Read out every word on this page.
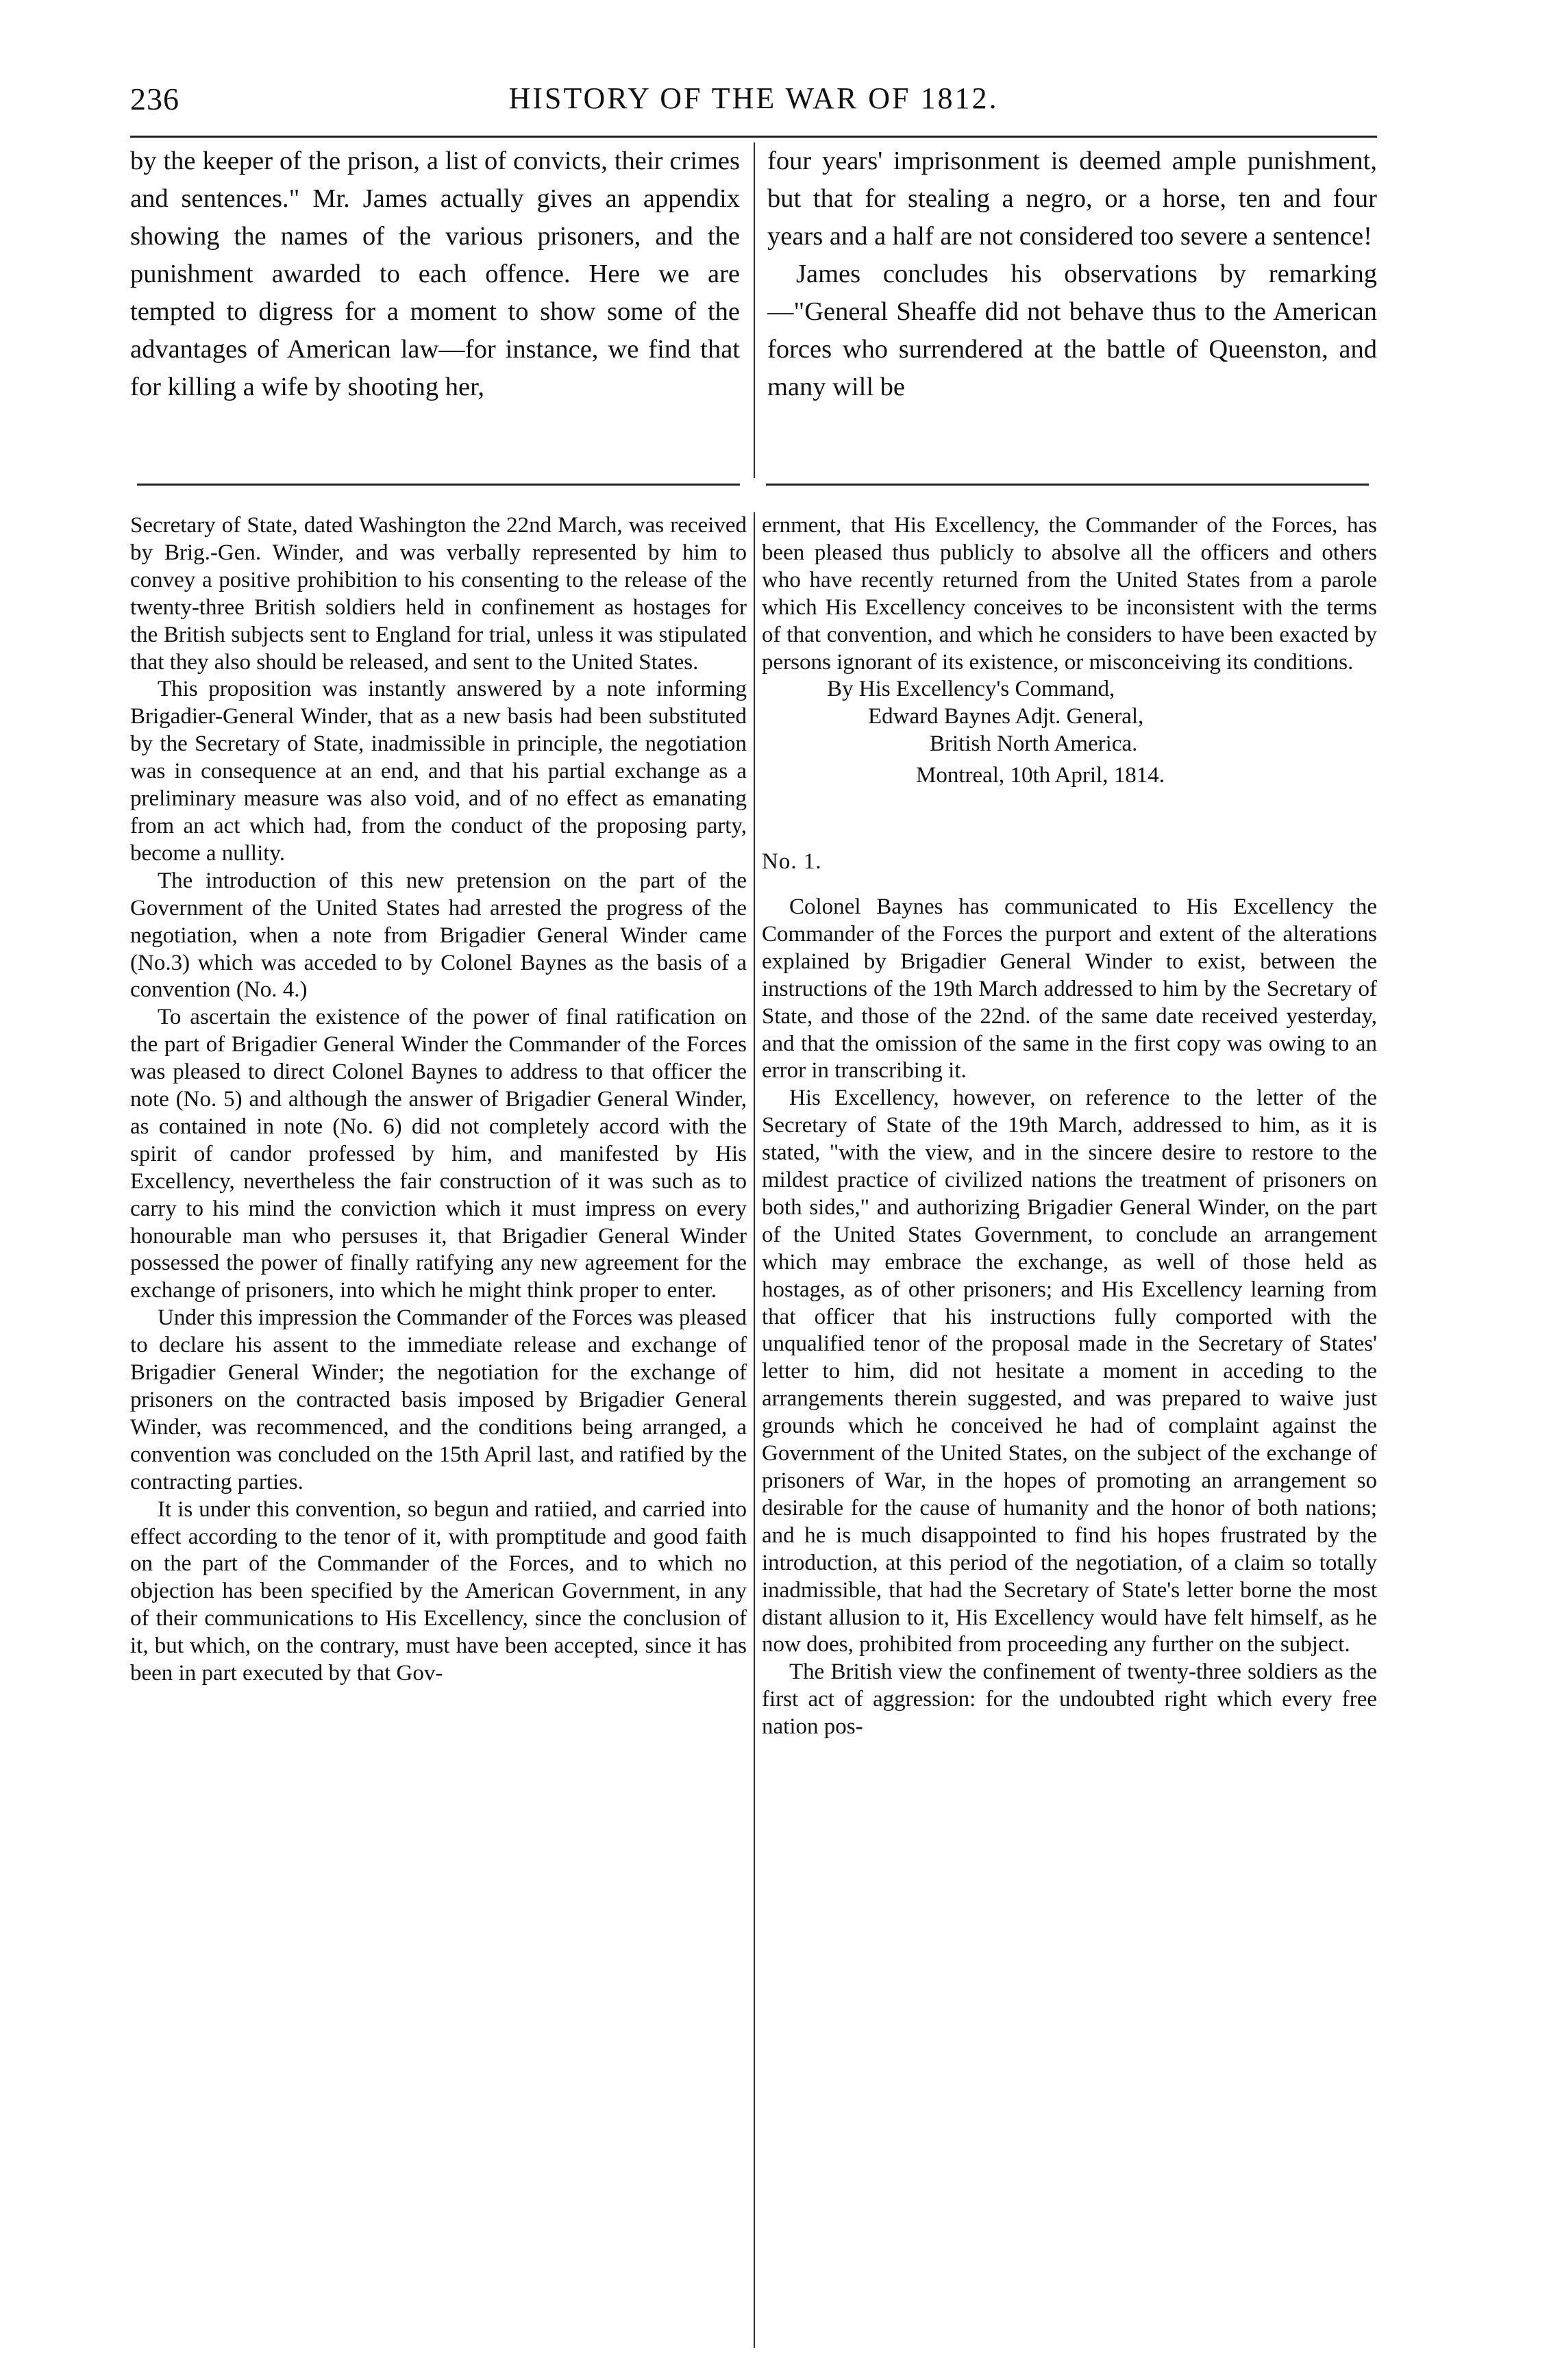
236	HISTORY OF THE WAR OF 1812.

by the keeper of the prison, a list of convicts, their crimes and sentences." Mr. James actually gives an appendix showing the names of the various prisoners, and the punishment awarded to each offence. Here we are tempted to digress for a moment to show some of the advantages of American law—for instance, we find that for killing a wife by shooting her,

four years' imprisonment is deemed ample punishment, but that for stealing a negro, or a horse, ten and four years and a half are not considered too severe a sentence!

James concludes his observations by remarking—"General Sheaffe did not behave thus to the American forces who surrendered at the battle of Queenston, and many will be

Secretary of State, dated Washington the 22nd March, was received by Brig.-Gen. Winder, and was verbally represented by him to convey a positive prohibition to his consenting to the release of the twenty-three British soldiers held in confinement as hostages for the British subjects sent to England for trial, unless it was stipulated that they also should be released, and sent to the United States.

This proposition was instantly answered by a note informing Brigadier-General Winder, that as a new basis had been substituted by the Secretary of State, inadmissible in principle, the negotiation was in consequence at an end, and that his partial exchange as a preliminary measure was also void, and of no effect as emanating from an act which had, from the conduct of the proposing party, become a nullity.

The introduction of this new pretension on the part of the Government of the United States had arrested the progress of the negotiation, when a note from Brigadier General Winder came (No.3) which was acceded to by Colonel Baynes as the basis of a convention (No. 4.)

To ascertain the existence of the power of final ratification on the part of Brigadier General Winder the Commander of the Forces was pleased to direct Colonel Baynes to address to that officer the note (No. 5) and although the answer of Brigadier General Winder, as contained in note (No. 6) did not completely accord with the spirit of candor professed by him, and manifested by His Excellency, nevertheless the fair construction of it was such as to carry to his mind the conviction which it must impress on every honourable man who persuses it, that Brigadier General Winder possessed the power of finally ratifying any new agreement for the exchange of prisoners, into which he might think proper to enter.

Under this impression the Commander of the Forces was pleased to declare his assent to the immediate release and exchange of Brigadier General Winder; the negotiation for the exchange of prisoners on the contracted basis imposed by Brigadier General Winder, was recommenced, and the conditions being arranged, a convention was concluded on the 15th April last, and ratified by the contracting parties.

It is under this convention, so begun and ratiied, and carried into effect according to the tenor of it, with promptitude and good faith on the part of the Commander of the Forces, and to which no objection has been specified by the American Government, in any of their communications to His Excellency, since the conclusion of it, but which, on the contrary, must have been accepted, since it has been in part executed by that Gov-

ernment, that His Excellency, the Commander of the Forces, has been pleased thus publicly to absolve all the officers and others who have recently returned from the United States from a parole which His Excellency conceives to be inconsistent with the terms of that convention, and which he considers to have been exacted by persons ignorant of its existence, or misconceiving its conditions.

By His Excellency's Command,

Edward Baynes Adjt. General,

British North America.

Montreal, 10th April, 1814.

No. 1.

Colonel Baynes has communicated to His Excellency the Commander of the Forces the purport and extent of the alterations explained by Brigadier General Winder to exist, between the instructions of the 19th March addressed to him by the Secretary of State, and those of the 22nd. of the same date received yesterday, and that the omission of the same in the first copy was owing to an error in transcribing it.

His Excellency, however, on reference to the letter of the Secretary of State of the 19th March, addressed to him, as it is stated, "with the view, and in the sincere desire to restore to the mildest practice of civilized nations the treatment of prisoners on both sides," and authorizing Brigadier General Winder, on the part of the United States Government, to conclude an arrangement which may embrace the exchange, as well of those held as hostages, as of other prisoners; and His Excellency learning from that officer that his instructions fully comported with the unqualified tenor of the proposal made in the Secretary of States' letter to him, did not hesitate a moment in acceding to the arrangements therein suggested, and was prepared to waive just grounds which he conceived he had of complaint against the Government of the United States, on the subject of the exchange of prisoners of War, in the hopes of promoting an arrangement so desirable for the cause of humanity and the honor of both nations; and he is much disappointed to find his hopes frustrated by the introduction, at this period of the negotiation, of a claim so totally inadmissible, that had the Secretary of State's letter borne the most distant allusion to it, His Excellency would have felt himself, as he now does, prohibited from proceeding any further on the subject.

The British view the confinement of twenty-three soldiers as the first act of aggression: for the undoubted right which every free nation pos-
